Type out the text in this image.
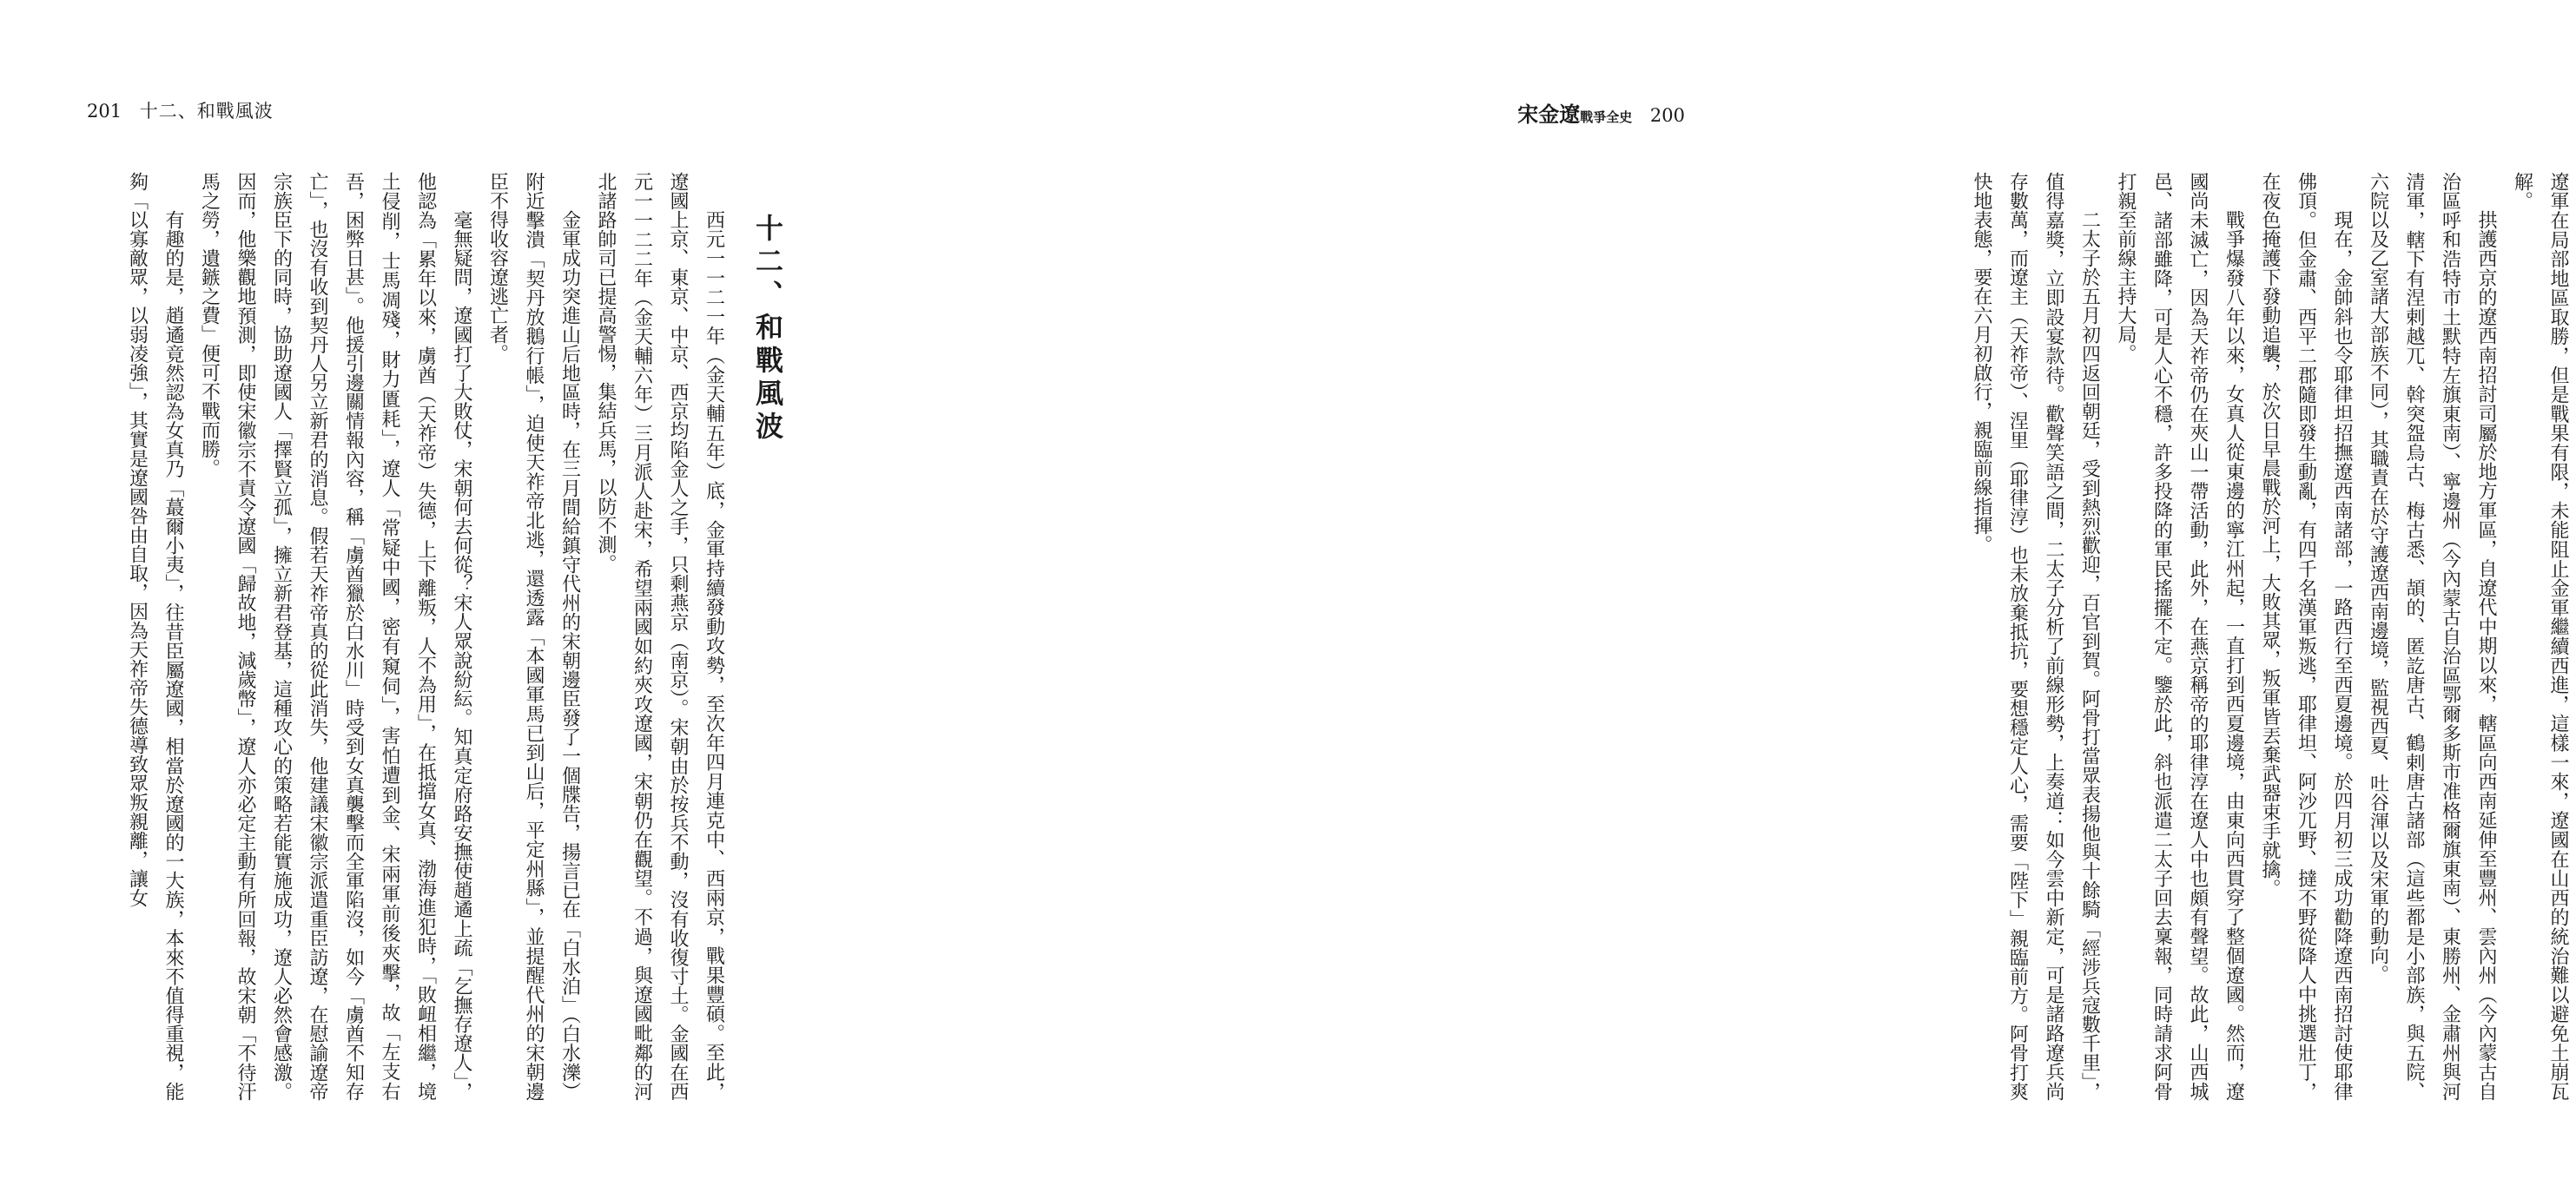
201 十二、和戰風波

十二、和戰風波

西元一一二一年（金天輔五年）底，金軍持續發動攻勢，至次年四月連克中、西兩京，戰果豐碩。至此，遼國上京、東京、中京、西京均陷金人之手，只剩燕京（南京）。宋朝由於按兵不動，沒有收復寸土。金國在西元一一二二年（金天輔六年）三月派人赴宋，希望兩國如約夾攻遼國，宋朝仍在觀望。不過，與遼國毗鄰的河北諸路帥司已提高警惕，集結兵馬，以防不測。

金軍成功突進山后地區時，在三月間給鎮守代州的宋朝邊臣發了一個牒告，揚言已在「白水泊」（白水濼）附近擊潰「契丹放鵝行帳」，迫使天祚帝北逃，還透露「本國軍馬已到山后，平定州縣」，並提醒代州的宋朝邊臣不得收容遼逃亡者。

毫無疑問，遼國打了大敗仗，宋朝何去何從？宋人眾說紛紜。知真定府路安撫使趙遹上疏「乞撫存遼人」，他認為「累年以來，虜酋（天祚帝）失德，上下離叛，人不為用」，在抵擋女真、渤海進犯時，「敗衄相繼，境土侵削，士馬凋殘，財力匱耗」，遼人「常疑中國，密有窺伺」，害怕遭到金、宋兩軍前後夾擊，故「左支右吾，困弊日甚」。他援引邊關情報內容，稱「虜酋獵於白水川」時受到女真襲擊而全軍陷沒，如今「虜酋不知存亡」，也沒有收到契丹人另立新君的消息。假若天祚帝真的從此消失，他建議宋徽宗派遣重臣訪遼，在慰諭遼帝宗族臣下的同時，協助遼國人「擇賢立孤」，擁立新君登基，這種攻心的策略若能實施成功，遼人必然會感激。因而，他樂觀地預測，即使宋徽宗不責令遼國「歸故地，減歲幣」，遼人亦必定主動有所回報，故宋朝「不待汗馬之勞，遺鏃之費」便可不戰而勝。

有趣的是，趙遹竟然認為女真乃「蕞爾小夷」，往昔臣屬遼國，相當於遼國的一大族，本來不值得重視，能夠「以寡敵眾，以弱凌強」，其實是遼國咎由自取，因為天祚帝失德導致眾叛親離，讓女

宋金遼戰爭全史 200

遼軍在局部地區取勝，但是戰果有限，未能阻止金軍繼續西進，這樣一來，遼國在山西的統治難以避免土崩瓦解。

拱護西京的遼西南招討司屬於地方軍區，自遼代中期以來，轄區向西南延伸至豐州、雲內州（今內蒙古自治區呼和浩特市土默特左旗東南）、寧邊州（今內蒙古自治區鄂爾多斯市准格爾旗東南）、東勝州、金肅州與河清軍，轄下有涅剌越兀、斡突盌烏古、梅古悉、頡的、匿訖唐古、鶴剌唐古諸部（這些都是小部族，與五院、六院以及乙室諸大部族不同），其職責在於守護遼西南邊境，監視西夏、吐谷渾以及宋軍的動向。

現在，金帥斜也令耶律坦招撫遼西南諸部，一路西行至西夏邊境。於四月初三成功勸降遼西南招討使耶律佛頂。但金肅、西平二郡隨即發生動亂，有四千名漢軍叛逃，耶律坦、阿沙兀野、撻不野從降人中挑選壯丁，在夜色掩護下發動追襲，於次日早晨戰於河上，大敗其眾，叛軍皆丟棄武器束手就擒。

戰爭爆發八年以來，女真人從東邊的寧江州起，一直打到西夏邊境，由東向西貫穿了整個遼國。然而，遼國尚未滅亡，因為天祚帝仍在夾山一帶活動，此外，在燕京稱帝的耶律淳在遼人中也頗有聲望。故此，山西城邑、諸部雖降，可是人心不穩，許多投降的軍民搖擺不定。鑒於此，斜也派遣二太子回去稟報，同時請求阿骨打親至前線主持大局。

二太子於五月初四返回朝廷，受到熱烈歡迎，百官到賀。阿骨打當眾表揚他與十餘騎「經涉兵寇數千里」，值得嘉獎，立即設宴款待。歡聲笑語之間，二太子分析了前線形勢，上奏道：如今雲中新定，可是諸路遼兵尚存數萬，而遼主（天祚帝）、涅里（耶律淳）也未放棄抵抗，要想穩定人心，需要「陛下」親臨前方。阿骨打爽快地表態，要在六月初啟行，親臨前線指揮。
